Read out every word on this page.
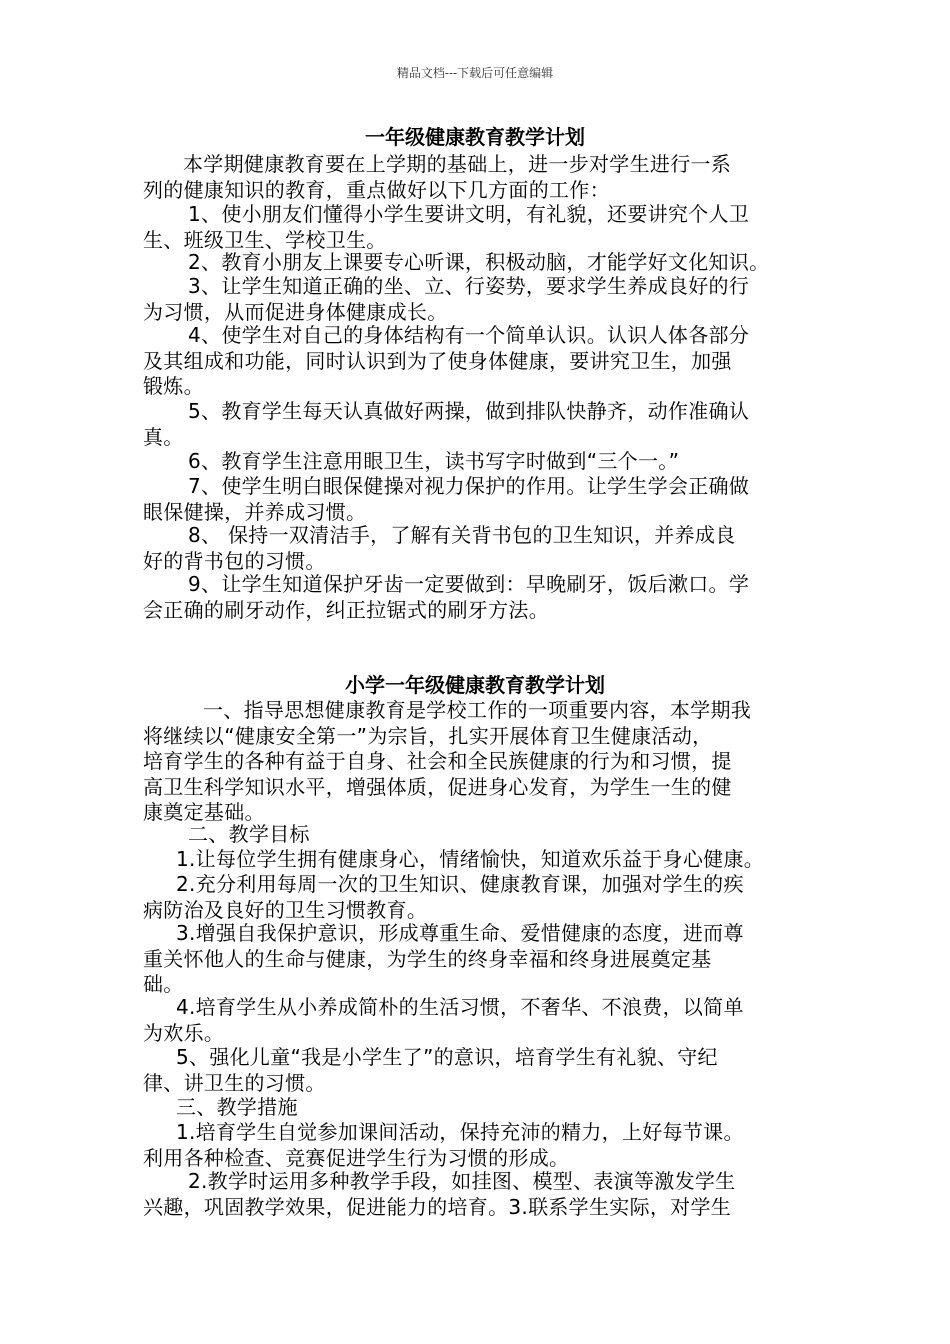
精品文档---下载后可任意编辑
一年级健康教育教学计划
本学期健康教育要在上学期的基础上，进一步对学生进行一系
列的健康知识的教育，重点做好以下几方面的工作：
1、使小朋友们懂得小学生要讲文明，有礼貌，还要讲究个人卫
生、班级卫生、学校卫生。
2、教育小朋友上课要专心听课，积极动脑，才能学好文化知识。
3、让学生知道正确的坐、立、行姿势，要求学生养成良好的行
为习惯，从而促进身体健康成长。
4、使学生对自己的身体结构有一个简单认识。认识人体各部分
及其组成和功能，同时认识到为了使身体健康，要讲究卫生，加强
锻炼。
5、教育学生每天认真做好两操，做到排队快静齐，动作准确认
真。
6、教育学生注意用眼卫生，读书写字时做到“三个一。”
7、使学生明白眼保健操对视力保护的作用。让学生学会正确做
眼保健操，并养成习惯。
8、 保持一双清洁手，了解有关背书包的卫生知识，并养成良
好的背书包的习惯。
9、让学生知道保护牙齿一定要做到：早晚刷牙，饭后漱口。学
会正确的刷牙动作，纠正拉锯式的刷牙方法。
小学一年级健康教育教学计划
一、指导思想健康教育是学校工作的一项重要内容，本学期我
将继续以“健康安全第一”为宗旨，扎实开展体育卫生健康活动，
培育学生的各种有益于自身、社会和全民族健康的行为和习惯，提
高卫生科学知识水平，增强体质，促进身心发育，为学生一生的健
康奠定基础。
二、教学目标
1.让每位学生拥有健康身心，情绪愉快，知道欢乐益于身心健康。
2.充分利用每周一次的卫生知识、健康教育课，加强对学生的疾
病防治及良好的卫生习惯教育。
3.增强自我保护意识，形成尊重生命、爱惜健康的态度，进而尊
重关怀他人的生命与健康，为学生的终身幸福和终身进展奠定基
础。
4.培育学生从小养成简朴的生活习惯，不奢华、不浪费，以简单
为欢乐。
5、强化儿童“我是小学生了”的意识，培育学生有礼貌、守纪
律、讲卫生的习惯。
三、教学措施
1.培育学生自觉参加课间活动，保持充沛的精力，上好每节课。
利用各种检查、竞赛促进学生行为习惯的形成。
2.教学时运用多种教学手段，如挂图、模型、表演等激发学生
兴趣，巩固教学效果，促进能力的培育。3.联系学生实际，对学生
